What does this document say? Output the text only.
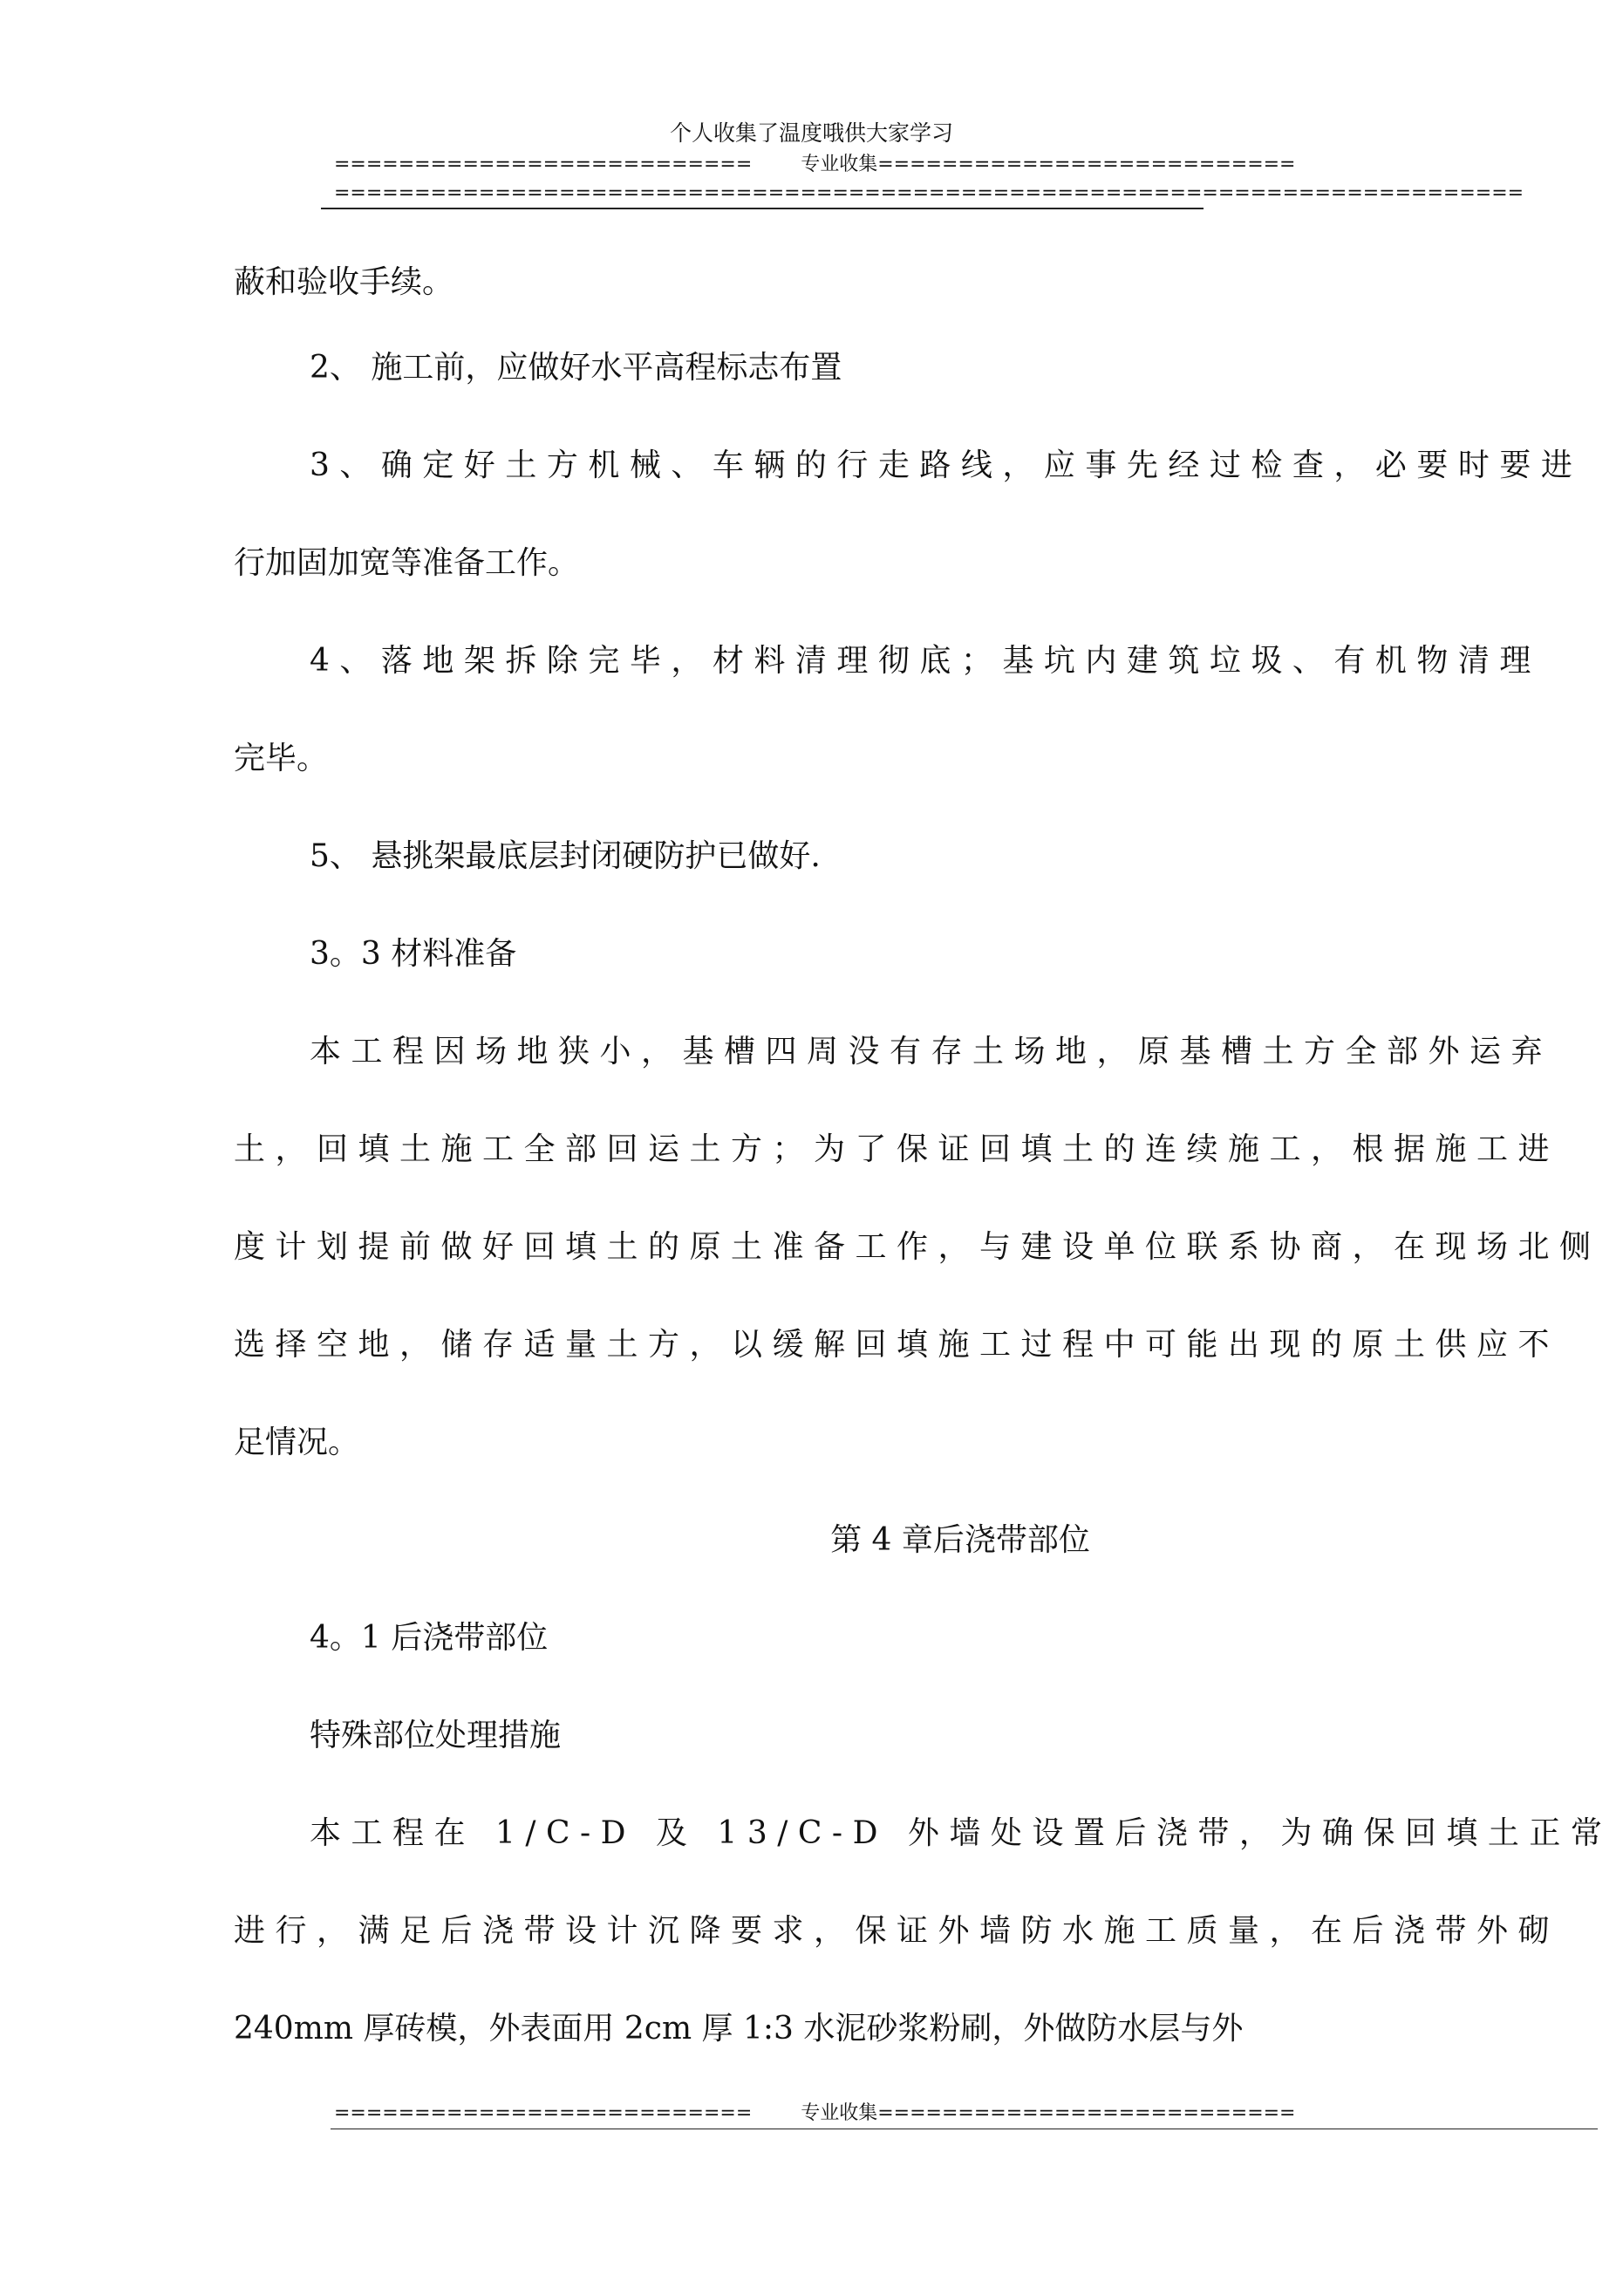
个人收集了温度哦供大家学习
==========================        专业收集==========================
==========================================================================
蔽和验收手续。
2、 施工前，应做好水平高程标志布置
3、确定好土方机械、车辆的行走路线，应事先经过检查，必要时要进
行加固加宽等准备工作。
4、落地架拆除完毕，材料清理彻底；基坑内建筑垃圾、有机物清理
完毕。
5、 悬挑架最底层封闭硬防护已做好.
3。3 材料准备
本工程因场地狭小，基槽四周没有存土场地，原基槽土方全部外运弃
土，回填土施工全部回运土方；为了保证回填土的连续施工，根据施工进
度计划提前做好回填土的原土准备工作，与建设单位联系协商，在现场北侧
选择空地，储存适量土方，以缓解回填施工过程中可能出现的原土供应不
足情况。
第 4 章后浇带部位
4。1 后浇带部位
特殊部位处理措施
本工程在 1/C-D 及 13/C-D 外墙处设置后浇带，为确保回填土正常
进行，满足后浇带设计沉降要求，保证外墙防水施工质量，在后浇带外砌
240mm 厚砖模，外表面用 2cm 厚 1:3 水泥砂浆粉刷，外做防水层与外
==========================        专业收集==========================
